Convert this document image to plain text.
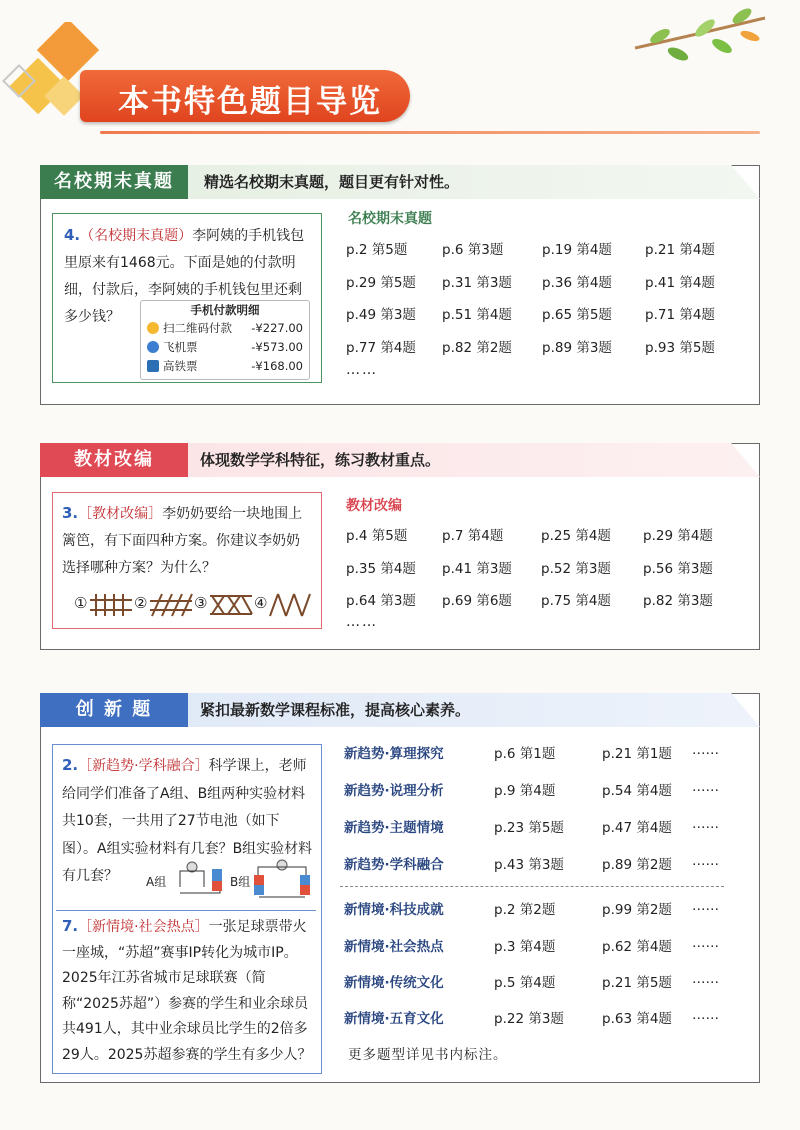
本书特色题目导览
名校期末真题	精选名校期末真题，题目更有针对性。
4.（名校期末真题）李阿姨的手机钱包里原来有1468元。下面是她的付款明细，付款后，李阿姨的手机钱包里还剩多少钱？	手机付款明细
扫二维码付款 -¥227.00
飞机票	-¥573.00
高铁票	-¥168.00
名校期末真题
p.2 第5题	p.6 第3题	p.19 第4题	p.21 第4题
p.29 第5题	p.31 第3题	p.36 第4题	p.41 第4题
p.49 第3题	p.51 第4题	p.65 第5题	p.71 第4题
p.77 第4题	p.82 第2题	p.89 第3题	p.93 第5题
……
教材改编	体现数学学科特征，练习教材重点。
3.［教材改编］李奶奶要给一块地围上篱笆，有下面四种方案。你建议李奶奶选择哪种方案？为什么？
①	②	③	④
教材改编
p.4 第5题	p.7 第4题	p.25 第4题	p.29 第4题
p.35 第4题	p.41 第3题	p.52 第3题	p.56 第3题
p.64 第3题	p.69 第6题	p.75 第4题	p.82 第3题
……
创 新 题	紧扣最新数学课程标准，提高核心素养。
2.［新趋势·学科融合］科学课上，老师给同学们准备了A组、B组两种实验材料共10套，一共用了27节电池（如下图）。A组实验材料有几套？B组实验材料有几套？	A组	B组
7.［新情境·社会热点］一张足球票带火一座城，“苏超”赛事IP转化为城市IP。2025年江苏省城市足球联赛（简称“2025苏超”）参赛的学生和业余球员共491人，其中业余球员比学生的2倍多29人。2025苏超参赛的学生有多少人？
新趋势·算理探究	p.6 第1题	p.21 第1题 ……
新趋势·说理分析	p.9 第4题	p.54 第4题 ……
新趋势·主题情境	p.23 第5题	p.47 第4题 ……
新趋势·学科融合	p.43 第3题	p.89 第2题 ……
新情境·科技成就	p.2 第2题	p.99 第2题 ……
新情境·社会热点	p.3 第4题	p.62 第4题 ……
新情境·传统文化	p.5 第4题	p.21 第5题 ……
新情境·五育文化	p.22 第3题	p.63 第4题 ……
更多题型详见书内标注。
